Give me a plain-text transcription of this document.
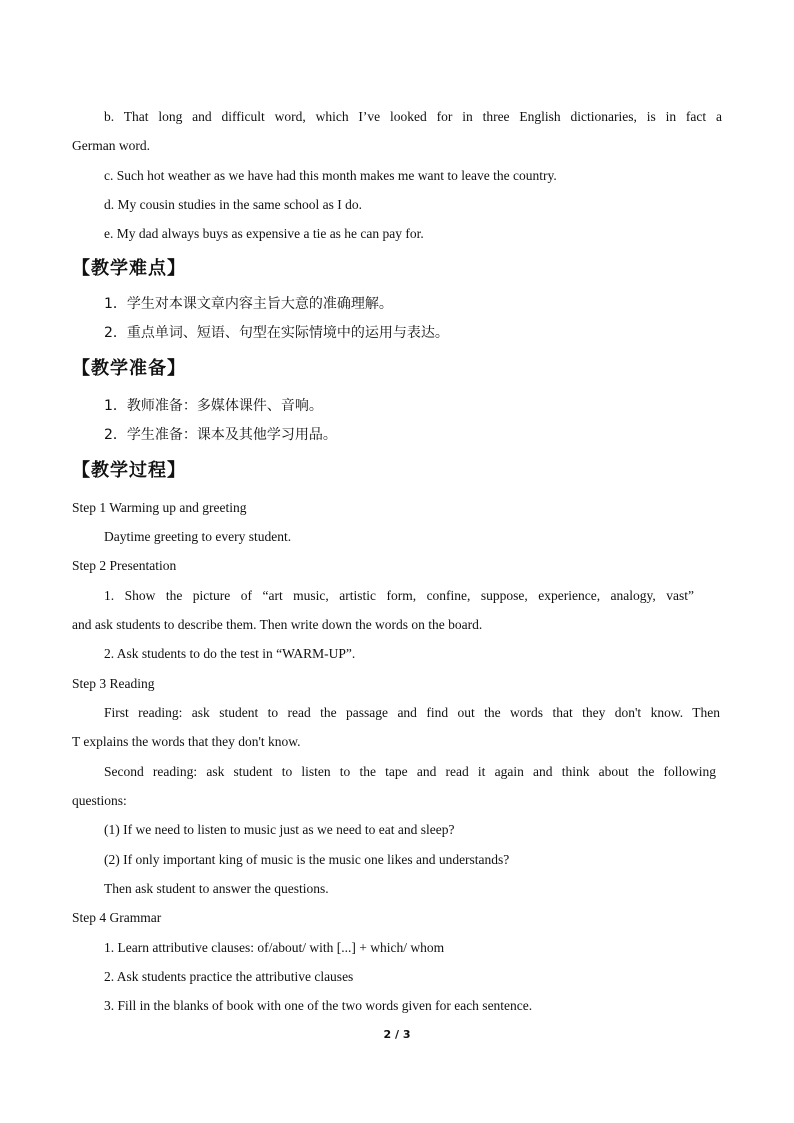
b. That long and difficult word, which I’ve looked for in three English dictionaries, is in fact a
German word.
c. Such hot weather as we have had this month makes me want to leave the country.
d. My cousin studies in the same school as I do.
e. My dad always buys as expensive a tie as he can pay for.
【教学难点】
1．学生对本课文章内容主旨大意的准确理解。
2．重点单词、短语、句型在实际情境中的运用与表达。
【教学准备】
1．教师准备：多媒体课件、音响。
2．学生准备：课本及其他学习用品。
【教学过程】
Step 1 Warming up and greeting
Daytime greeting to every student.
Step 2 Presentation
1. Show the picture of “art music, artistic form, confine, suppose, experience, analogy, vast”
and ask students to describe them. Then write down the words on the board.
2. Ask students to do the test in “WARM-UP”.
Step 3 Reading
First reading: ask student to read the passage and find out the words that they don't know. Then
T explains the words that they don't know.
Second reading: ask student to listen to the tape and read it again and think about the following
questions:
(1) If we need to listen to music just as we need to eat and sleep?
(2) If only important king of music is the music one likes and understands?
Then ask student to answer the questions.
Step 4 Grammar
1. Learn attributive clauses: of/about/ with [...] + which/ whom
2. Ask students practice the attributive clauses
3. Fill in the blanks of book with one of the two words given for each sentence.
2 / 3
